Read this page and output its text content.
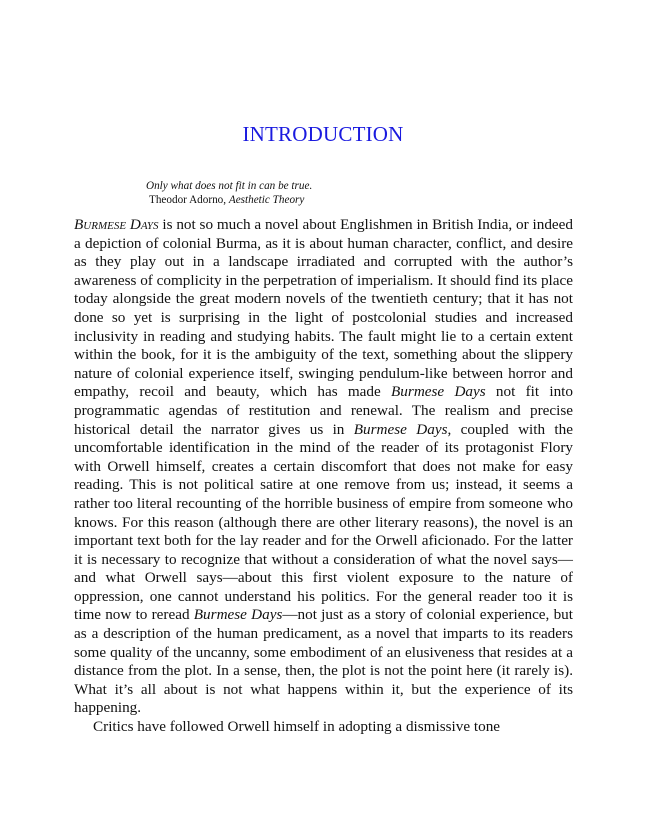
INTRODUCTION
Only what does not fit in can be true.
Theodor Adorno, Aesthetic Theory

Burmese Days is not so much a novel about Englishmen in British India, or indeed a depiction of colonial Burma, as it is about human character, conflict, and desire as they play out in a landscape irradiated and corrupted with the author’s awareness of complicity in the perpetration of imperialism. It should find its place today alongside the great modern novels of the twentieth century; that it has not done so yet is surprising in the light of postcolonial studies and increased inclusivity in reading and studying habits. The fault might lie to a certain extent within the book, for it is the ambiguity of the text, something about the slippery nature of colonial experience itself, swinging pendulum-like between horror and empathy, recoil and beauty, which has made Burmese Days not fit into programmatic agendas of restitution and renewal. The realism and precise historical detail the narrator gives us in Burmese Days, coupled with the uncomfortable identification in the mind of the reader of its protagonist Flory with Orwell himself, creates a certain discomfort that does not make for easy reading. This is not political satire at one remove from us; instead, it seems a rather too literal recounting of the horrible business of empire from someone who knows. For this reason (although there are other literary reasons), the novel is an important text both for the lay reader and for the Orwell aficionado. For the latter it is necessary to recognize that without a consideration of what the novel says—and what Orwell says—about this first violent exposure to the nature of oppression, one cannot understand his politics. For the general reader too it is time now to reread Burmese Days—not just as a story of colonial experience, but as a description of the human predicament, as a novel that imparts to its readers some quality of the uncanny, some embodiment of an elusiveness that resides at a distance from the plot. In a sense, then, the plot is not the point here (it rarely is). What it’s all about is not what happens within it, but the experience of its happening.

Critics have followed Orwell himself in adopting a dismissive tone
